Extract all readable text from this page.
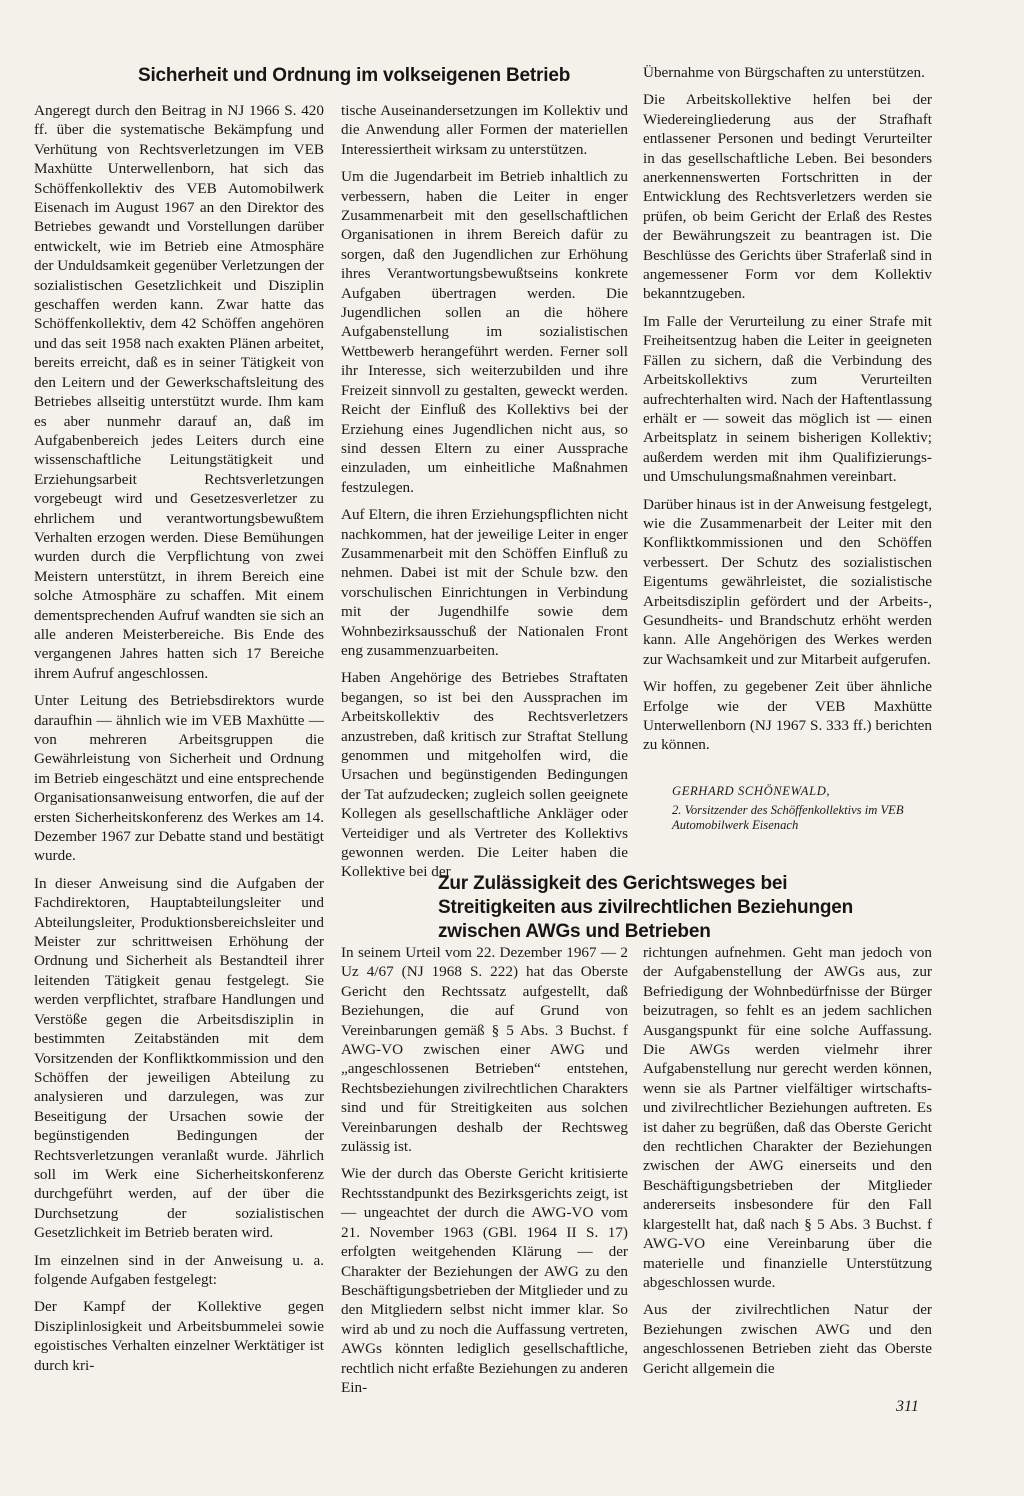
Sicherheit und Ordnung im volkseigenen Betrieb

Angeregt durch den Beitrag in NJ 1966 S. 420 ff. über die systematische Bekämpfung und Verhütung von Rechtsverletzungen im VEB Maxhütte Unterwellenborn, hat sich das Schöffenkollektiv des VEB Automobilwerk Eisenach im August 1967 an den Direktor des Betriebes gewandt und Vorstellungen darüber entwickelt, wie im Betrieb eine Atmosphäre der Unduldsamkeit gegenüber Verletzungen der sozialistischen Gesetzlichkeit und Disziplin geschaffen werden kann. Zwar hatte das Schöffenkollektiv, dem 42 Schöffen angehören und das seit 1958 nach exakten Plänen arbeitet, bereits erreicht, daß es in seiner Tätigkeit von den Leitern und der Gewerkschaftsleitung des Betriebes allseitig unterstützt wurde. Ihm kam es aber nunmehr darauf an, daß im Aufgabenbereich jedes Leiters durch eine wissenschaftliche Leitungstätigkeit und Erziehungsarbeit Rechtsverletzungen vorgebeugt wird und Gesetzesverletzer zu ehrlichem und verantwortungsbewußtem Verhalten erzogen werden. Diese Bemühungen wurden durch die Verpflichtung von zwei Meistern unterstützt, in ihrem Bereich eine solche Atmosphäre zu schaffen. Mit einem dementsprechenden Aufruf wandten sie sich an alle anderen Meisterbereiche. Bis Ende des vergangenen Jahres hatten sich 17 Bereiche ihrem Aufruf angeschlossen.

Unter Leitung des Betriebsdirektors wurde daraufhin — ähnlich wie im VEB Maxhütte — von mehreren Arbeitsgruppen die Gewährleistung von Sicherheit und Ordnung im Betrieb eingeschätzt und eine entsprechende Organisationsanweisung entworfen, die auf der ersten Sicherheitskonferenz des Werkes am 14. Dezember 1967 zur Debatte stand und bestätigt wurde.

In dieser Anweisung sind die Aufgaben der Fachdirektoren, Hauptabteilungsleiter und Abteilungsleiter, Produktionsbereichsleiter und Meister zur schrittweisen Erhöhung der Ordnung und Sicherheit als Bestandteil ihrer leitenden Tätigkeit genau festgelegt. Sie werden verpflichtet, strafbare Handlungen und Verstöße gegen die Arbeitsdisziplin in bestimmten Zeitabständen mit dem Vorsitzenden der Konfliktkommission und den Schöffen der jeweiligen Abteilung zu analysieren und darzulegen, was zur Beseitigung der Ursachen sowie der begünstigenden Bedingungen der Rechtsverletzungen veranlaßt wurde. Jährlich soll im Werk eine Sicherheitskonferenz durchgeführt werden, auf der über die Durchsetzung der sozialistischen Gesetzlichkeit im Betrieb beraten wird.

Im einzelnen sind in der Anweisung u. a. folgende Aufgaben festgelegt:

Der Kampf der Kollektive gegen Disziplinlosigkeit und Arbeitsbummelei sowie egoistisches Verhalten einzelner Werktätiger ist durch kri-

tische Auseinandersetzungen im Kollektiv und die Anwendung aller Formen der materiellen Interessiertheit wirksam zu unterstützen.

Um die Jugendarbeit im Betrieb inhaltlich zu verbessern, haben die Leiter in enger Zusammenarbeit mit den gesellschaftlichen Organisationen in ihrem Bereich dafür zu sorgen, daß den Jugendlichen zur Erhöhung ihres Verantwortungsbewußtseins konkrete Aufgaben übertragen werden. Die Jugendlichen sollen an die höhere Aufgabenstellung im sozialistischen Wettbewerb herangeführt werden. Ferner soll ihr Interesse, sich weiterzubilden und ihre Freizeit sinnvoll zu gestalten, geweckt werden. Reicht der Einfluß des Kollektivs bei der Erziehung eines Jugendlichen nicht aus, so sind dessen Eltern zu einer Aussprache einzuladen, um einheitliche Maßnahmen festzulegen.

Auf Eltern, die ihren Erziehungspflichten nicht nachkommen, hat der jeweilige Leiter in enger Zusammenarbeit mit den Schöffen Einfluß zu nehmen. Dabei ist mit der Schule bzw. den vorschulischen Einrichtungen in Verbindung mit der Jugendhilfe sowie dem Wohnbezirksausschuß der Nationalen Front eng zusammenzuarbeiten.

Haben Angehörige des Betriebes Straftaten begangen, so ist bei den Aussprachen im Arbeitskollektiv des Rechtsverletzers anzustreben, daß kritisch zur Straftat Stellung genommen und mitgeholfen wird, die Ursachen und begünstigenden Bedingungen der Tat aufzudecken; zugleich sollen geeignete Kollegen als gesellschaftliche Ankläger oder Verteidiger und als Vertreter des Kollektivs gewonnen werden. Die Leiter haben die Kollektive bei der

Übernahme von Bürgschaften zu unterstützen.

Die Arbeitskollektive helfen bei der Wiedereingliederung aus der Strafhaft entlassener Personen und bedingt Verurteilter in das gesellschaftliche Leben. Bei besonders anerkennenswerten Fortschritten in der Entwicklung des Rechtsverletzers werden sie prüfen, ob beim Gericht der Erlaß des Restes der Bewährungszeit zu beantragen ist. Die Beschlüsse des Gerichts über Straferlaß sind in angemessener Form vor dem Kollektiv bekanntzugeben.

Im Falle der Verurteilung zu einer Strafe mit Freiheitsentzug haben die Leiter in geeigneten Fällen zu sichern, daß die Verbindung des Arbeitskollektivs zum Verurteilten aufrechterhalten wird. Nach der Haftentlassung erhält er — soweit das möglich ist — einen Arbeitsplatz in seinem bisherigen Kollektiv; außerdem werden mit ihm Qualifizierungs- und Umschulungsmaßnahmen vereinbart.

Darüber hinaus ist in der Anweisung festgelegt, wie die Zusammenarbeit der Leiter mit den Konfliktkommissionen und den Schöffen verbessert. Der Schutz des sozialistischen Eigentums gewährleistet, die sozialistische Arbeitsdisziplin gefördert und der Arbeits-, Gesundheits- und Brandschutz erhöht werden kann. Alle Angehörigen des Werkes werden zur Wachsamkeit und zur Mitarbeit aufgerufen.

Wir hoffen, zu gegebener Zeit über ähnliche Erfolge wie der VEB Maxhütte Unterwellenborn (NJ 1967 S. 333 ff.) berichten zu können.

GERHARD SCHÖNEWALD,
2. Vorsitzender des Schöffenkollektivs im VEB Automobilwerk Eisenach
Zur Zulässigkeit des Gerichtsweges bei
Streitigkeiten aus zivilrechtlichen Beziehungen
zwischen AWGs und Betrieben

In seinem Urteil vom 22. Dezember 1967 — 2 Uz 4/67 (NJ 1968 S. 222) hat das Oberste Gericht den Rechtssatz aufgestellt, daß Beziehungen, die auf Grund von Vereinbarungen gemäß § 5 Abs. 3 Buchst. f AWG-VO zwischen einer AWG und „angeschlossenen Betrieben“ entstehen, Rechtsbeziehungen zivilrechtlichen Charakters sind und für Streitigkeiten aus solchen Vereinbarungen deshalb der Rechtsweg zulässig ist.

Wie der durch das Oberste Gericht kritisierte Rechtsstandpunkt des Bezirksgerichts zeigt, ist — ungeachtet der durch die AWG-VO vom 21. November 1963 (GBl. 1964 II S. 17) erfolgten weitgehenden Klärung — der Charakter der Beziehungen der AWG zu den Beschäftigungsbetrieben der Mitglieder und zu den Mitgliedern selbst nicht immer klar. So wird ab und zu noch die Auffassung vertreten, AWGs könnten lediglich gesellschaftliche, rechtlich nicht erfaßte Beziehungen zu anderen Ein-

richtungen aufnehmen. Geht man jedoch von der Aufgabenstellung der AWGs aus, zur Befriedigung der Wohnbedürfnisse der Bürger beizutragen, so fehlt es an jedem sachlichen Ausgangspunkt für eine solche Auffassung. Die AWGs werden vielmehr ihrer Aufgabenstellung nur gerecht werden können, wenn sie als Partner vielfältiger wirtschafts- und zivilrechtlicher Beziehungen auftreten. Es ist daher zu begrüßen, daß das Oberste Gericht den rechtlichen Charakter der Beziehungen zwischen der AWG einerseits und den Beschäftigungsbetrieben der Mitglieder andererseits insbesondere für den Fall klargestellt hat, daß nach § 5 Abs. 3 Buchst. f AWG-VO eine Vereinbarung über die materielle und finanzielle Unterstützung abgeschlossen wurde.

Aus der zivilrechtlichen Natur der Beziehungen zwischen AWG und den angeschlossenen Betrieben zieht das Oberste Gericht allgemein die

311
